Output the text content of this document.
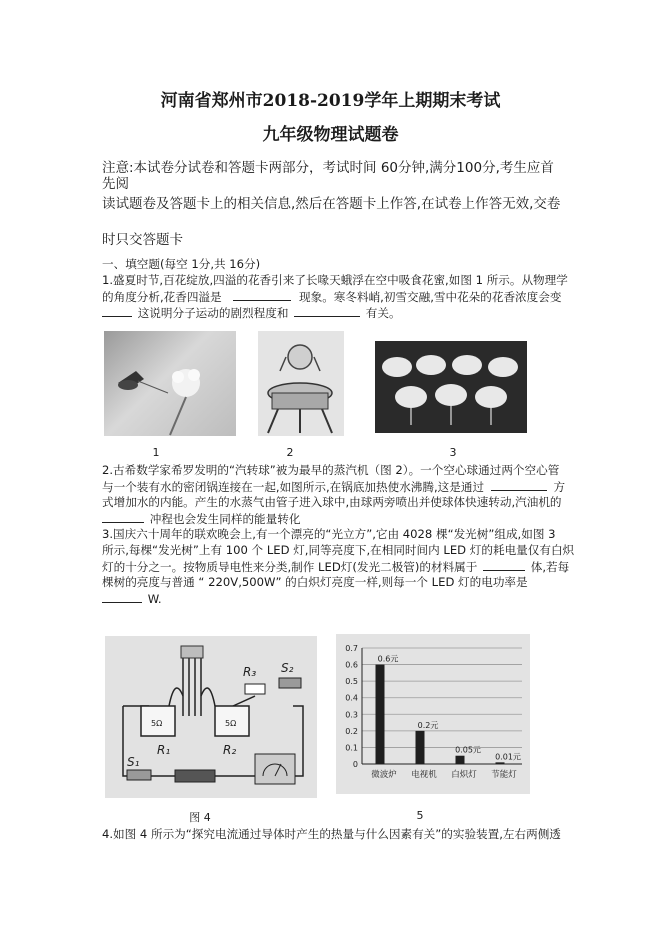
河南省郑州市2018-2019学年上期期末考试
九年级物理试题卷
注意:本试卷分试卷和答题卡两部分，考试时间 60分钟,满分100分,考生应首先阅
读试题卷及答题卡上的相关信息,然后在答题卡上作答,在试卷上作答无效,交卷
时只交答题卡
一、填空题(每空 1分,共 16分)
1.盛夏时节,百花绽放,四溢的花香引来了长喙天蛾浮在空中吸食花蜜,如图 1 所示。从物理学
的角度分析,花香四溢是	现象。寒冬料峭,初雪交融,雪中花朵的花香浓度会变
这说明分子运动的剧烈程度和	有关。
1	2	3
2.古希数学家希罗发明的“汽转球”被为最早的蒸汽机（图 2）。一个空心球通过两个空心管
与一个装有水的密闭锅连接在一起,如图所示,在锅底加热使水沸腾,这是通过	方
式增加水的内能。产生的水蒸气由管子进入球中,由球两旁喷出并使球体快速转动,汽油机的
冲程也会发生同样的能量转化
3.国庆六十周年的联欢晚会上,有一个漂亮的“光立方”,它由 4028 棵“发光树”组成,如图 3
所示,每棵“发光树”上有 100 个 LED 灯,同等亮度下,在相同时间内 LED 灯的耗电量仅有白炽
灯的十分之一。按物质导电性来分类,制作 LED灯(发光二极管)的材料属于	体,若每
棵树的亮度与普通 “ 220V,500W” 的白炽灯亮度一样,则每一个 LED 灯的电功率是
W.
5Ω	5Ω
R₁	R₂
R₃ S₂
S₁	0
0.1
0.2
0.3
0.4
0.5
0.6
0.7
0.6元
微波炉
0.2元
电视机
0.05元
白炽灯
0.01元
节能灯
图 4	5
4.如图 4 所示为“探究电流通过导体时产生的热量与什么因素有关”的实验装置,左右两侧透
